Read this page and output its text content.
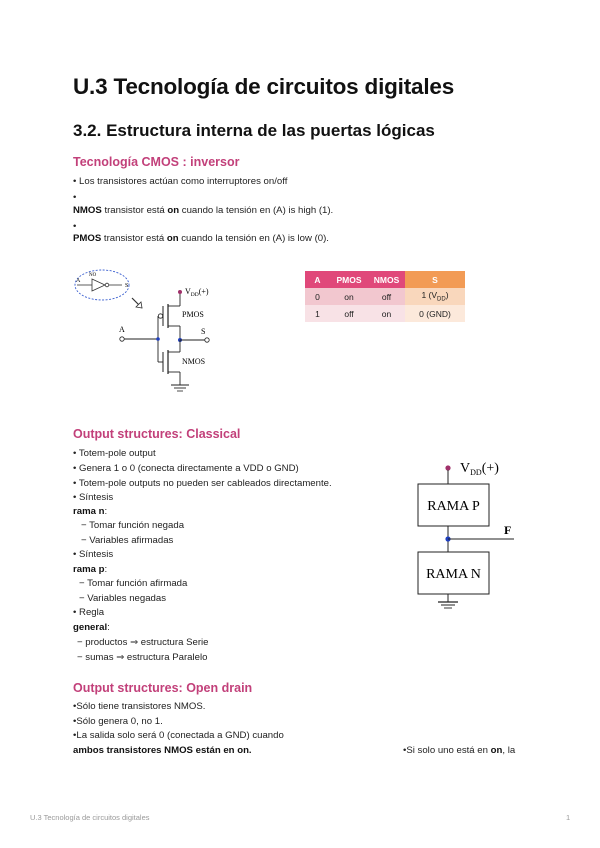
U.3 Tecnología de circuitos digitales
3.2. Estructura interna de las puertas lógicas
Tecnología CMOS : inversor
• Los transistores actúan como interruptores on/off
•
NMOS transistor está on cuando la tensión en (A) is high (1).
•
PMOS transistor está on cuando la tensión en (A) is low (0).
A
S
NO
$V_{DD}(+)$
PMOS
S
NMOS
A
A	PMOS	NMOS	S
0	on	off	1 $(V_{DD})$
1	off	on	0 (GND)
Output structures: Classical
• Totem-pole output
• Genera 1 o 0 (conecta directamente a VDD o GND)
• Totem-pole outputs no pueden ser cableados directamente.
• Síntesis
rama n:
− Tomar función negada
− Variables afirmadas
• Síntesis
rama p:
− Tomar función afirmada
− Variables negadas
• Regla
general:
− productos ⇒ estructura Serie
− sumas ⇒ estructura Paralelo
$V_{DD}(+)$
RAMA P
F
RAMA N
Output structures: Open drain
•Sólo tiene transistores NMOS.
•Sólo genera 0, no 1.
•La salida solo será 0 (conectada a GND) cuando
ambos transistores NMOS están en on.	•Si solo uno está en on, la
U.3 Tecnología de circuitos digitales	1
